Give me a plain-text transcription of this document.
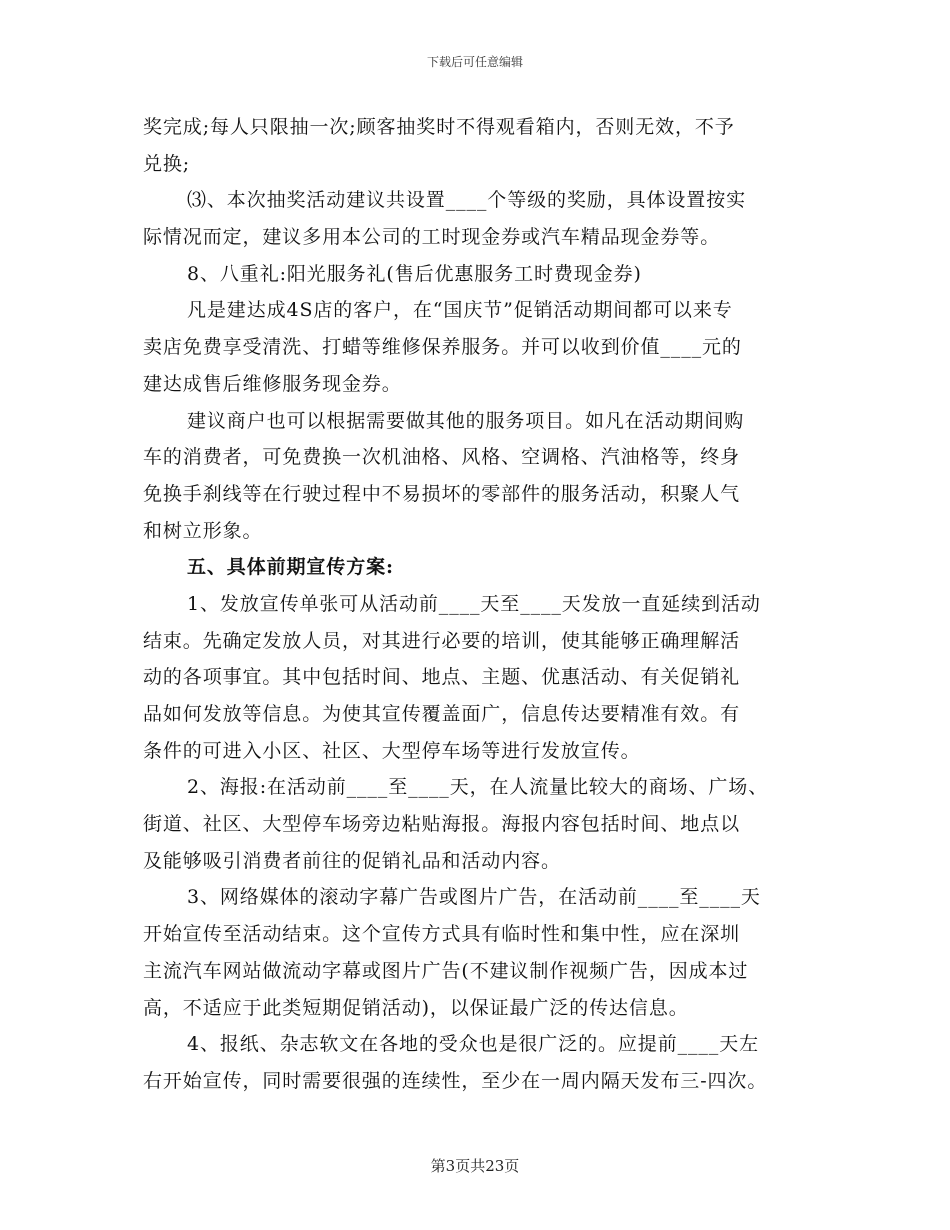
下载后可任意编辑
奖完成;每人只限抽一次;顾客抽奖时不得观看箱内，否则无效，不予
兑换;
⑶、本次抽奖活动建议共设置____个等级的奖励，具体设置按实
际情况而定，建议多用本公司的工时现金券或汽车精品现金券等。
8、八重礼:阳光服务礼(售后优惠服务工时费现金券)
凡是建达成4S店的客户，在“国庆节”促销活动期间都可以来专
卖店免费享受清洗、打蜡等维修保养服务。并可以收到价值____元的
建达成售后维修服务现金券。
建议商户也可以根据需要做其他的服务项目。如凡在活动期间购
车的消费者，可免费换一次机油格、风格、空调格、汽油格等，终身
免换手刹线等在行驶过程中不易损坏的零部件的服务活动，积聚人气
和树立形象。
五、具体前期宣传方案:
1、发放宣传单张可从活动前____天至____天发放一直延续到活动
结束。先确定发放人员，对其进行必要的培训，使其能够正确理解活
动的各项事宜。其中包括时间、地点、主题、优惠活动、有关促销礼
品如何发放等信息。为使其宣传覆盖面广，信息传达要精准有效。有
条件的可进入小区、社区、大型停车场等进行发放宣传。
2、海报:在活动前____至____天，在人流量比较大的商场、广场、
街道、社区、大型停车场旁边粘贴海报。海报内容包括时间、地点以
及能够吸引消费者前往的促销礼品和活动内容。
3、网络媒体的滚动字幕广告或图片广告，在活动前____至____天
开始宣传至活动结束。这个宣传方式具有临时性和集中性，应在深圳
主流汽车网站做流动字幕或图片广告(不建议制作视频广告，因成本过
高，不适应于此类短期促销活动)，以保证最广泛的传达信息。
4、报纸、杂志软文在各地的受众也是很广泛的。应提前____天左
右开始宣传，同时需要很强的连续性，至少在一周内隔天发布三-四次。
第3页共23页
